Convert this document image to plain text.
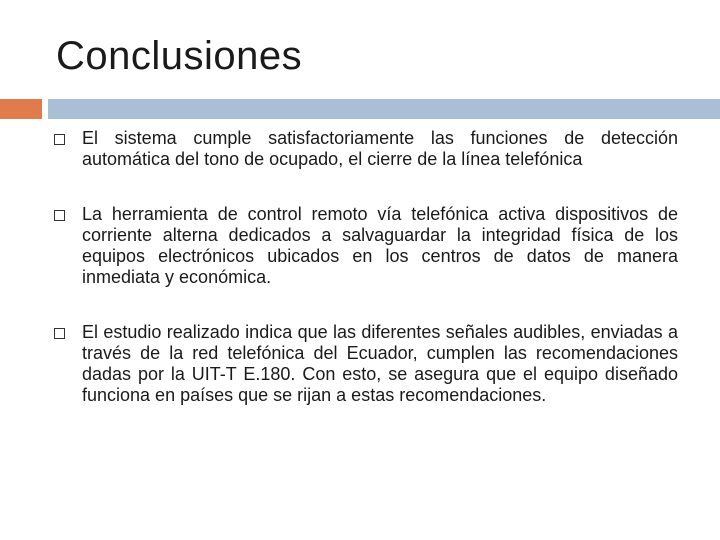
Conclusiones
El sistema cumple satisfactoriamente las funciones de detección automática del tono de ocupado, el cierre de la línea telefónica
La herramienta de control remoto vía telefónica activa dispositivos de corriente alterna dedicados a salvaguardar la integridad física de los equipos electrónicos ubicados en los centros de datos de manera inmediata y económica.
El estudio realizado indica que las diferentes señales audibles, enviadas a través de la red telefónica del Ecuador, cumplen las recomendaciones dadas por la UIT-T E.180. Con esto, se asegura que el equipo diseñado funciona en países que se rijan a estas recomendaciones.
